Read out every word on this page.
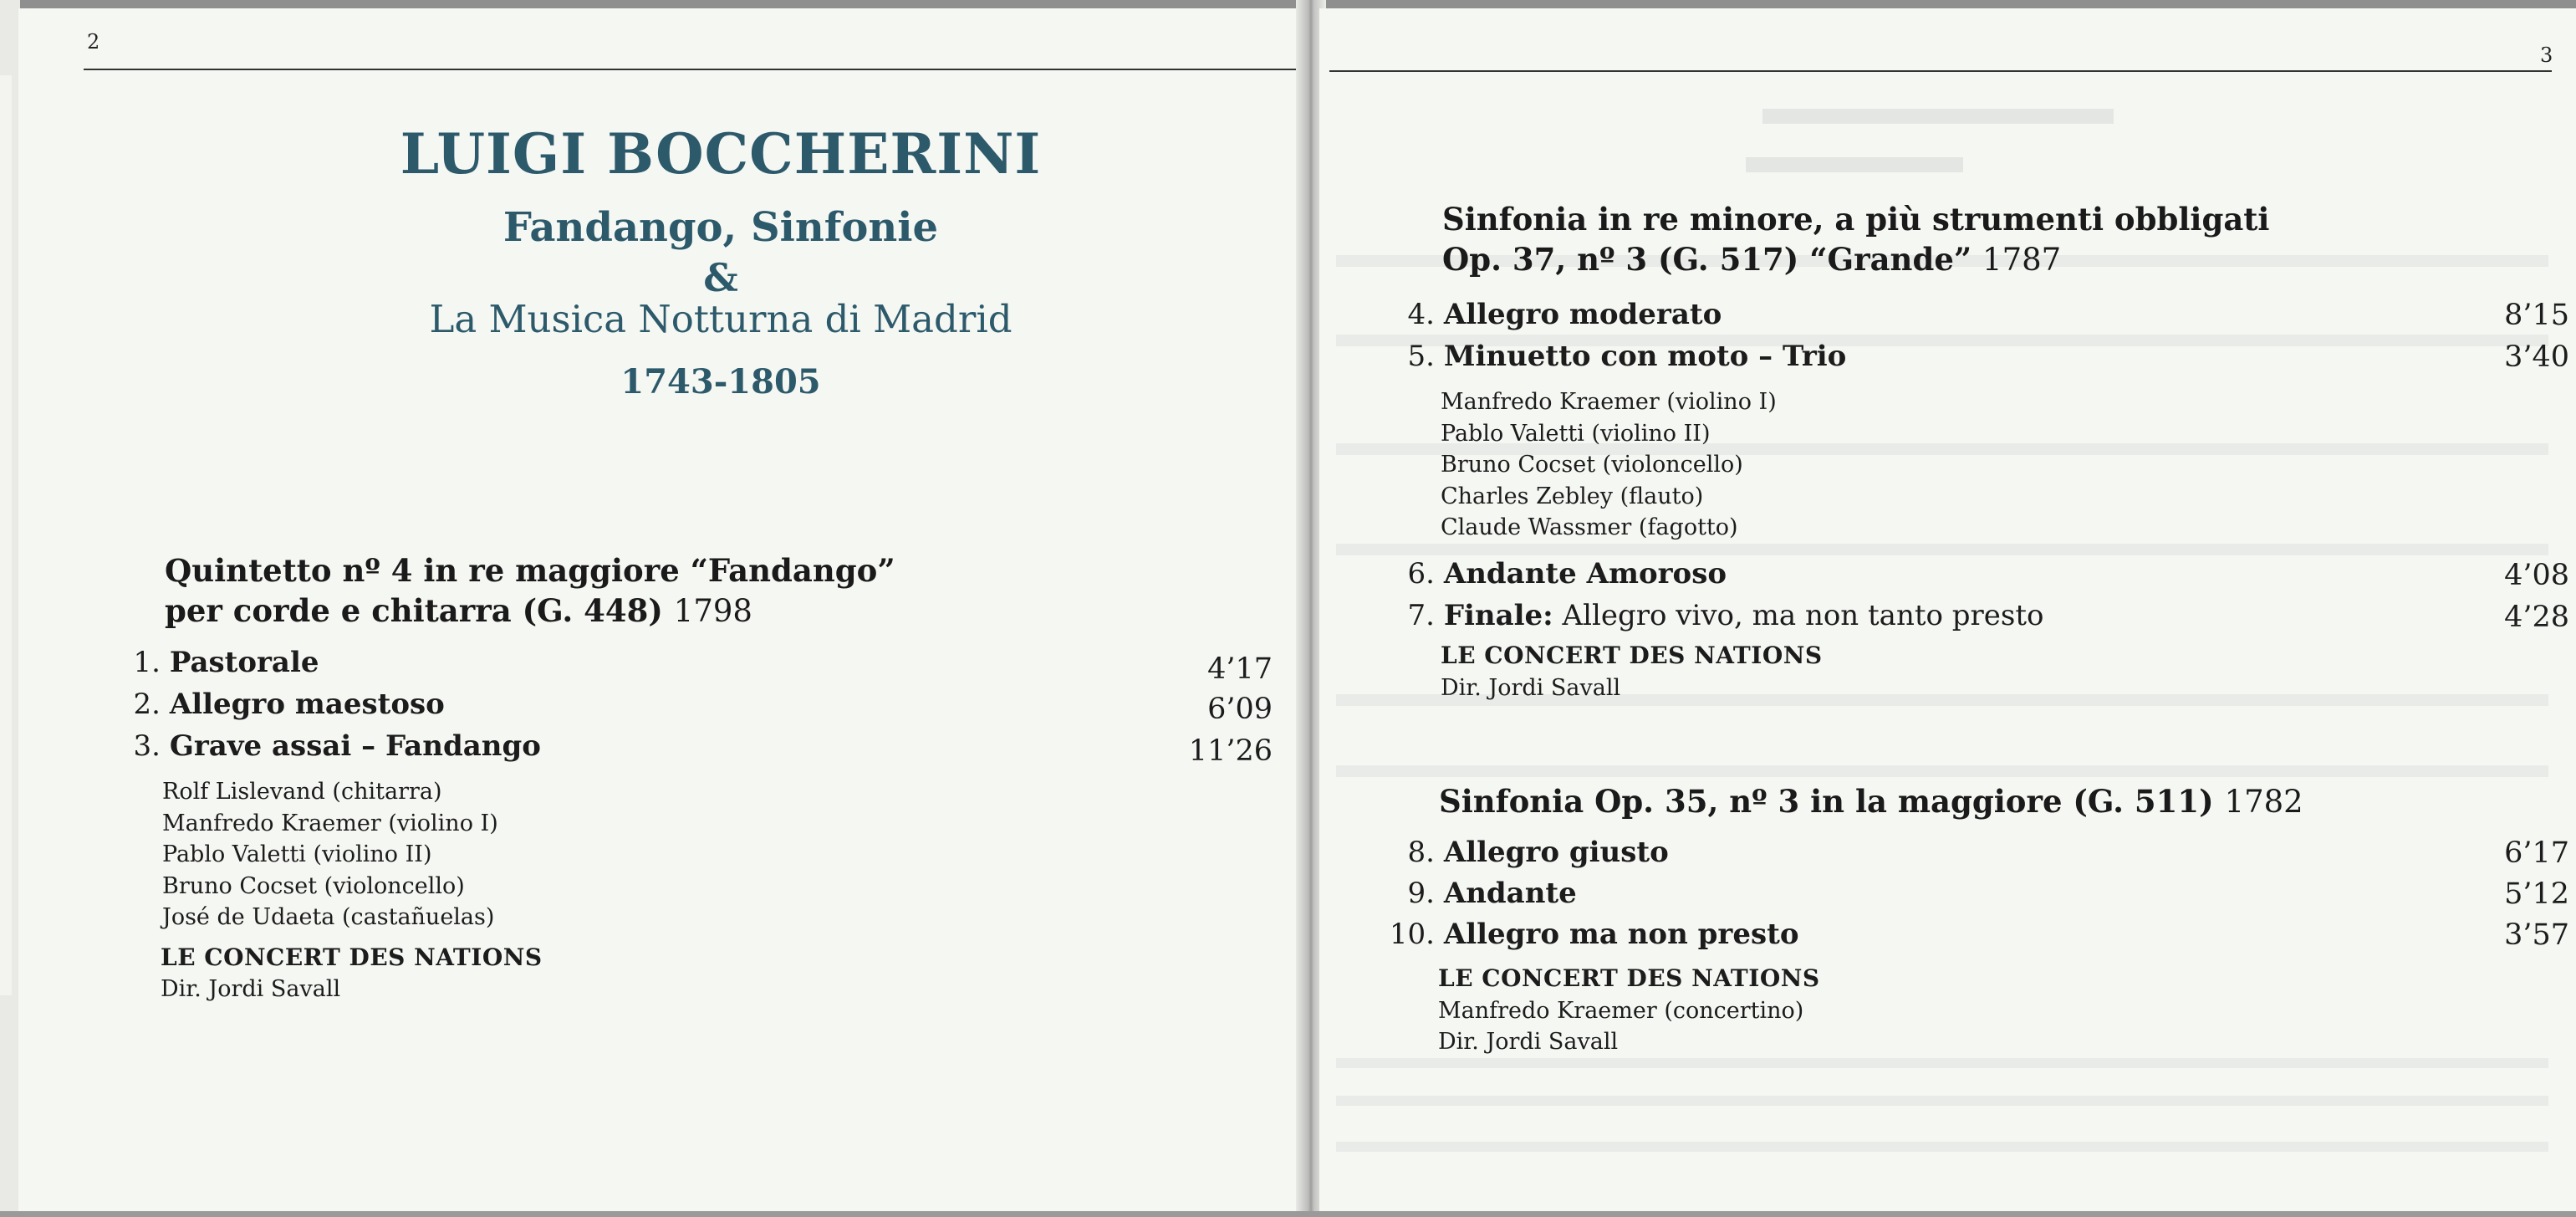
2
LUIGI BOCCHERINI
Fandango, Sinfonie
&
La Musica Notturna di Madrid
1743-1805
Quintetto nº 4 in re maggiore “Fandango”
per corde e chitarra (G. 448) 1798
1. Pastorale	4’17
2. Allegro maestoso	6’09
3. Grave assai – Fandango	11’26
Rolf Lislevand (chitarra)
Manfredo Kraemer (violino I)
Pablo Valetti (violino II)
Bruno Cocset (violoncello)
José de Udaeta (castañuelas)
LE CONCERT DES NATIONS
Dir. Jordi Savall
3
Sinfonia in re minore, a più strumenti obbligati
Op. 37, nº 3 (G. 517) “Grande” 1787
4. Allegro moderato	8’15
5. Minuetto con moto – Trio	3’40
Manfredo Kraemer (violino I)
Pablo Valetti (violino II)
Bruno Cocset (violoncello)
Charles Zebley (flauto)
Claude Wassmer (fagotto)
6. Andante Amoroso	4’08
7. Finale: Allegro vivo, ma non tanto presto	4’28
LE CONCERT DES NATIONS
Dir. Jordi Savall
Sinfonia Op. 35, nº 3 in la maggiore (G. 511) 1782
8. Allegro giusto	6’17
9. Andante	5’12
10. Allegro ma non presto	3’57
LE CONCERT DES NATIONS
Manfredo Kraemer (concertino)
Dir. Jordi Savall
